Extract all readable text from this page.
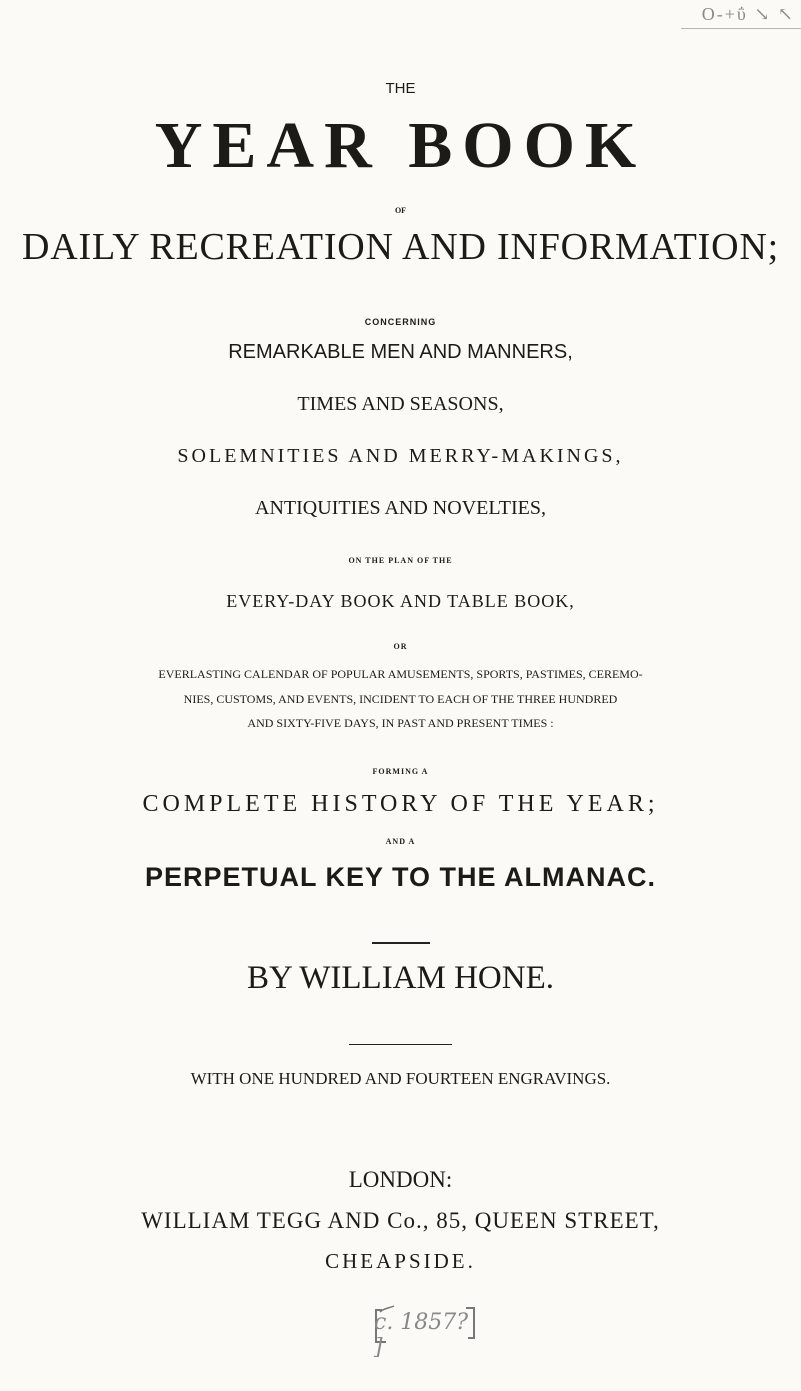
Ο-+ΰ ↘ ↖
THE
YEAR BOOK
OF
DAILY RECREATION AND INFORMATION;
CONCERNING
REMARKABLE MEN AND MANNERS,
TIMES AND SEASONS,
SOLEMNITIES AND MERRY-MAKINGS,
ANTIQUITIES AND NOVELTIES,
ON THE PLAN OF THE
EVERY-DAY BOOK AND TABLE BOOK,
OR
EVERLASTING CALENDAR OF POPULAR AMUSEMENTS, SPORTS, PASTIMES, CEREMO-
NIES, CUSTOMS, AND EVENTS, INCIDENT TO EACH OF THE THREE HUNDRED
AND SIXTY-FIVE DAYS, IN PAST AND PRESENT TIMES :
FORMING A
COMPLETE HISTORY OF THE YEAR;
AND A
PERPETUAL KEY TO THE ALMANAC.
BY WILLIAM HONE.
WITH ONE HUNDRED AND FOURTEEN ENGRAVINGS.
LONDON:
WILLIAM TEGG AND Co., 85, QUEEN STREET,
CHEAPSIDE.
c. 1857? ]
